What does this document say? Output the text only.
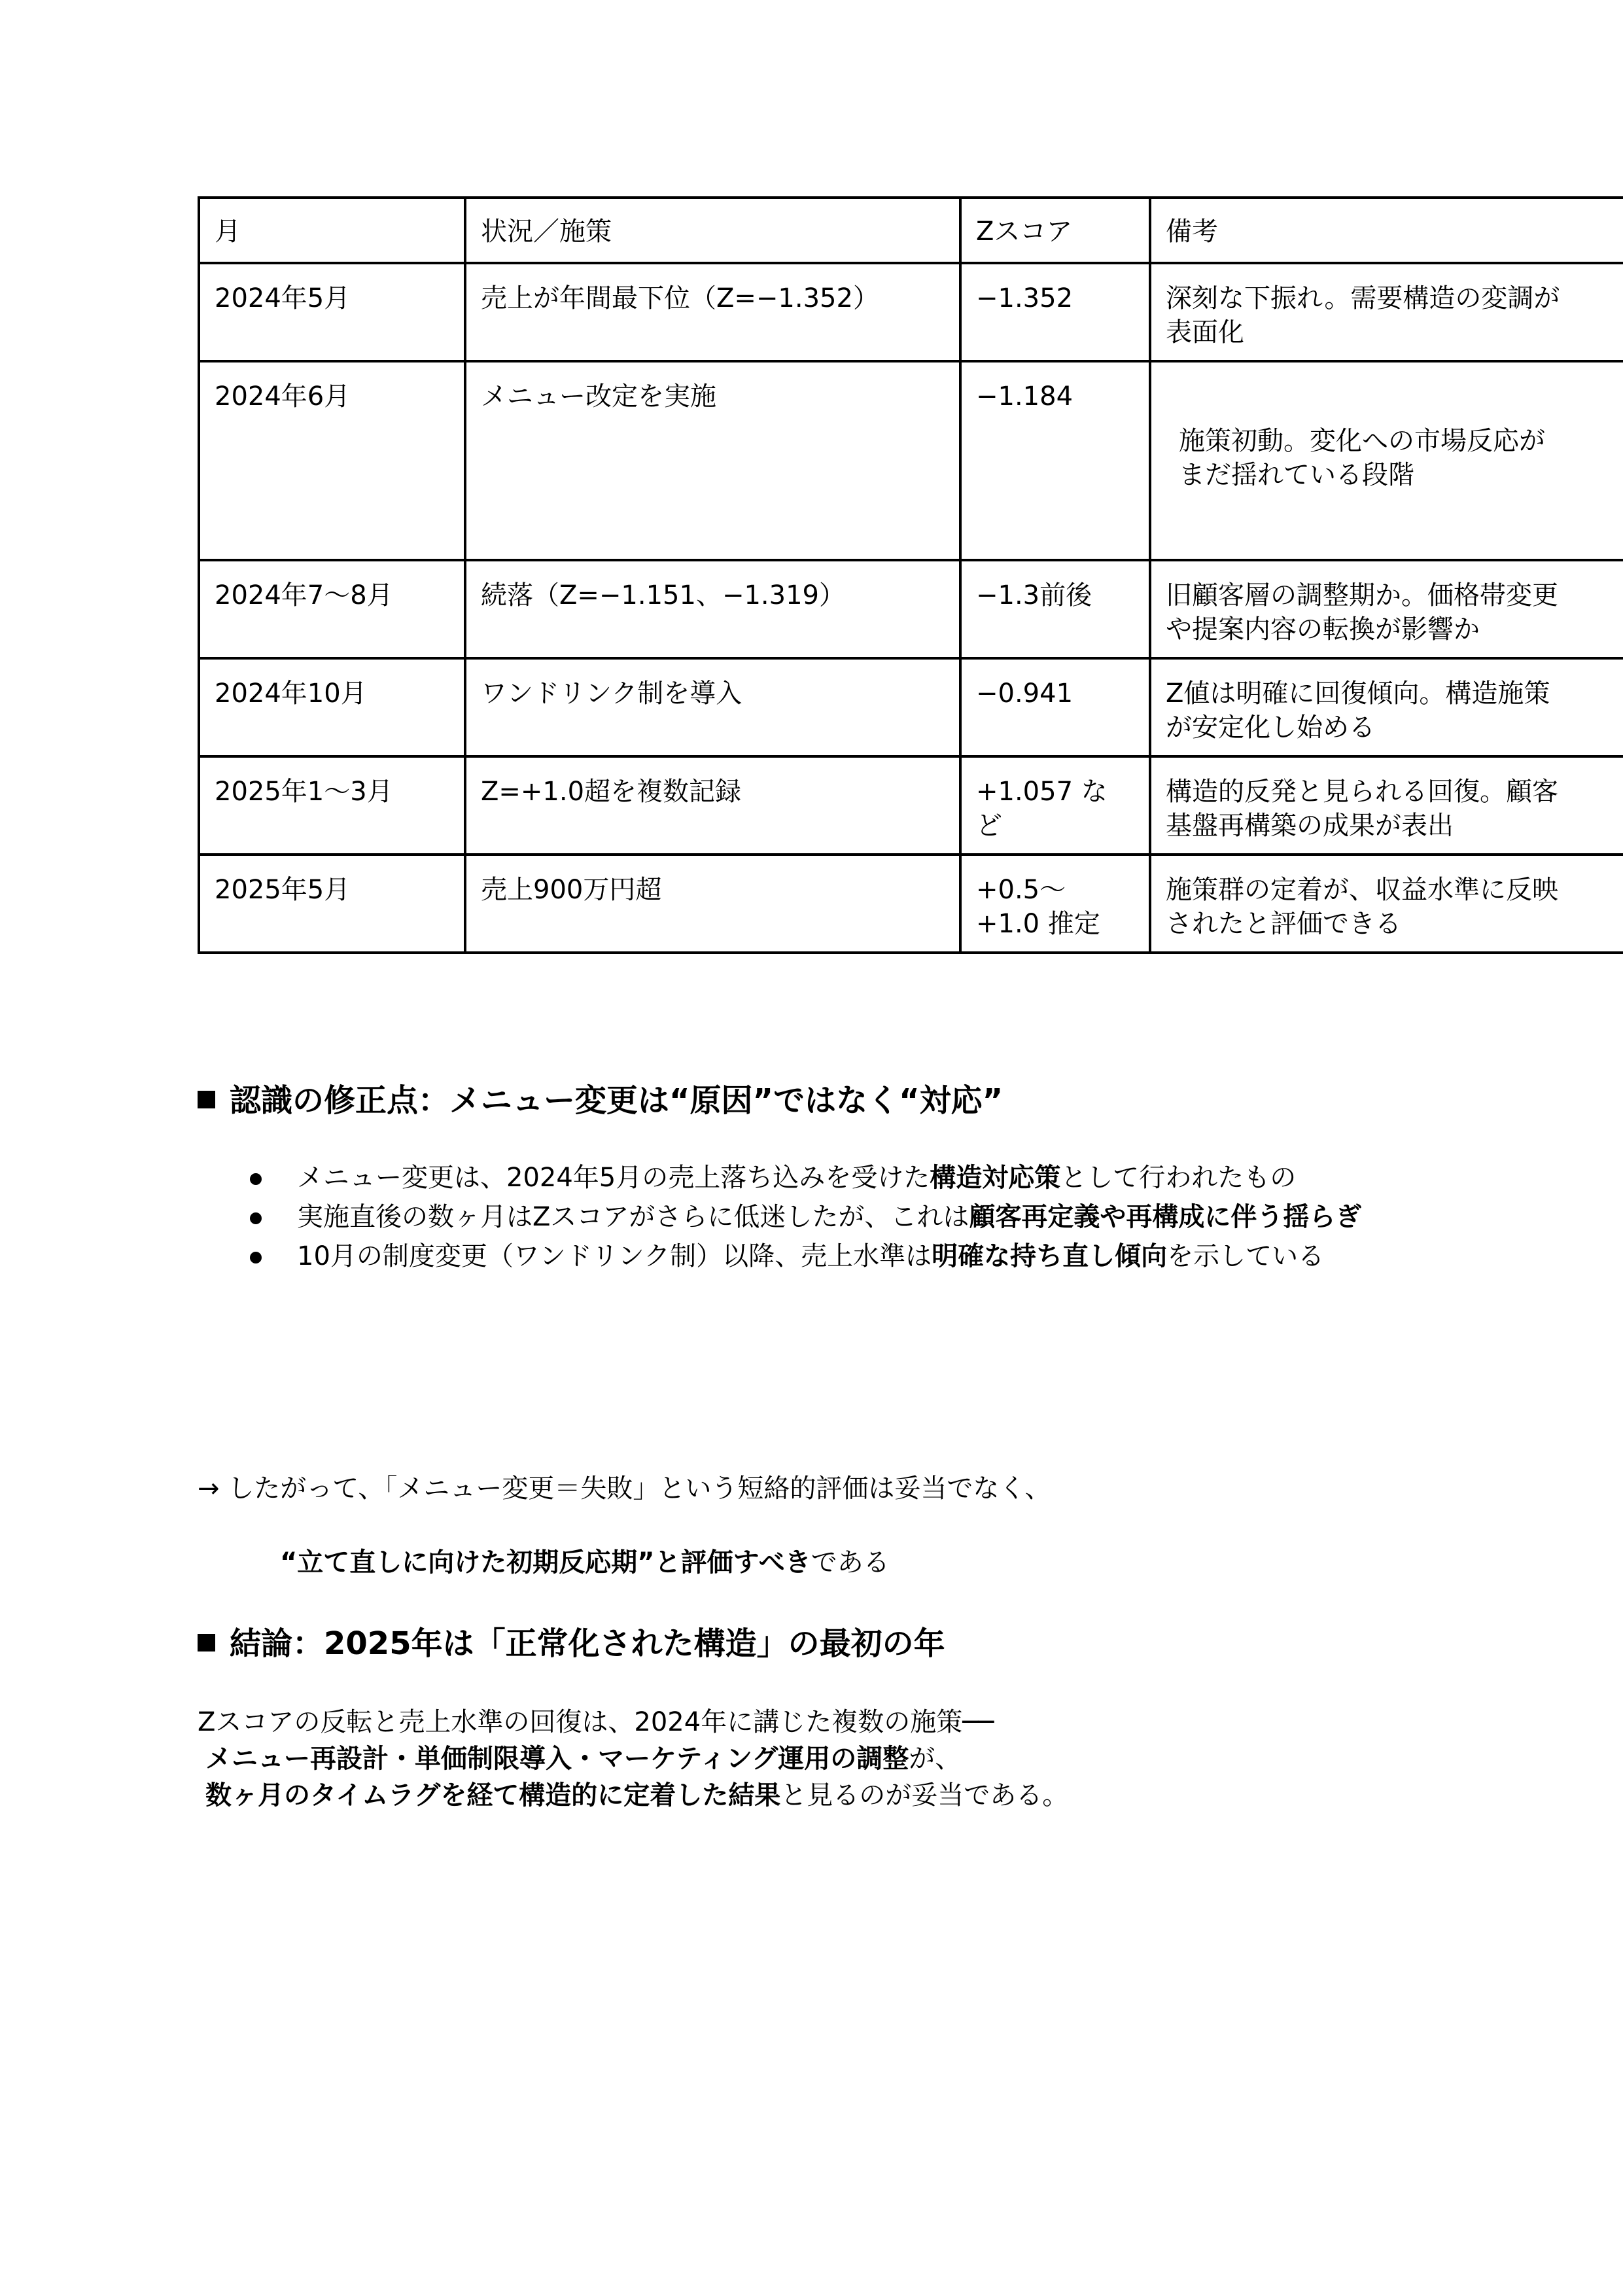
月	状況／施策	Zスコア	備考
2024年5月	売上が年間最下位（Z=−1.352）	−1.352	深刻な下振れ。需要構造の変調が
表面化
2024年6月	メニュー改定を実施	−1.184	施策初動。変化への市場反応が
まだ揺れている段階
2024年7〜8月	続落（Z=−1.151、−1.319）	−1.3前後	旧顧客層の調整期か。価格帯変更
や提案内容の転換が影響か
2024年10月	ワンドリンク制を導入	−0.941	Z値は明確に回復傾向。構造施策
が安定化し始める
2025年1〜3月	Z=+1.0超を複数記録	+1.057 な
ど	構造的反発と見られる回復。顧客
基盤再構築の成果が表出
2025年5月	売上900万円超	+0.5〜
+1.0 推定	施策群の定着が、収益水準に反映
されたと評価できる
認識の修正点：メニュー変更は“原因”ではなく“対応”
メニュー変更は、2024年5月の売上落ち込みを受けた構造対応策として行われたもの
実施直後の数ヶ月はZスコアがさらに低迷したが、これは顧客再定義や再構成に伴う揺らぎ
10月の制度変更（ワンドリンク制）以降、売上水準は明確な持ち直し傾向を示している
→ したがって、「メニュー変更＝失敗」という短絡的評価は妥当でなく、
“立て直しに向けた初期反応期”と評価すべきである
結論：2025年は「正常化された構造」の最初の年
Zスコアの反転と売上水準の回復は、2024年に講じた複数の施策──
メニュー再設計・単価制限導入・マーケティング運用の調整が、
数ヶ月のタイムラグを経て構造的に定着した結果と見るのが妥当である。
